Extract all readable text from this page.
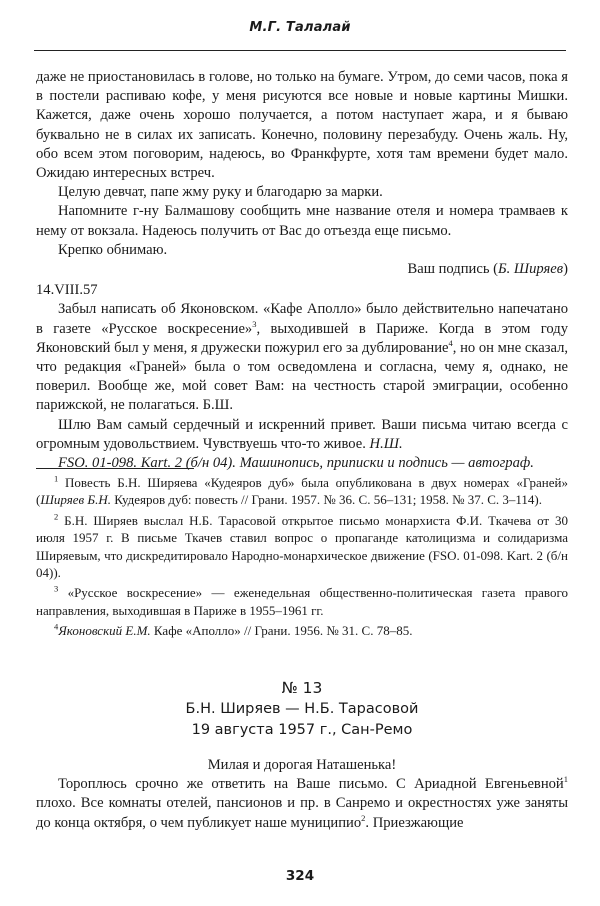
М.Г. Талалай

даже не приостановилась в голове, но только на бумаге. Утром, до семи часов, пока я в постели распиваю кофе, у меня рисуются все новые и новые картины Мишки. Кажется, даже очень хорошо получается, а потом наступает жара, и я бываю буквально не в силах их записать. Конечно, половину перезабуду. Очень жаль. Ну, обо всем этом поговорим, надеюсь, во Франкфурте, хотя там времени будет мало. Ожидаю интересных встреч.

Целую девчат, папе жму руку и благодарю за марки.

Напомните г-ну Балмашову сообщить мне название отеля и номера трамваев к нему от вокзала. Надеюсь получить от Вас до отъезда еще письмо.

Крепко обнимаю.

Ваш подпись (Б. Ширяев)

14.VIII.57

Забыл написать об Яконовском. «Кафе Аполло» было действительно напечатано в газете «Русское воскресение»$^3$, выходившей в Париже. Когда в этом году Яконовский был у меня, я дружески пожурил его за дублирование$^4$, но он мне сказал, что редакция «Граней» была о том осведомлена и согласна, чему я, однако, не поверил. Вообще же, мой совет Вам: на честность старой эмиграции, особенно парижской, не полагаться. Б.Ш.

Шлю Вам самый сердечный и искренний привет. Ваши письма читаю всегда с огромным удовольствием. Чувствуешь что-то живое. Н.Ш.

FSO. 01-098. Kart. 2 (б/н 04). Машинопись, приписки и подпись — автограф.

$^1$ Повесть Б.Н. Ширяева «Кудеяров дуб» была опубликована в двух номерах «Граней» (Ширяев Б.Н. Кудеяров дуб: повесть // Грани. 1957. № 36. С. 56–131; 1958. № 37. С. 3–114).

$^2$ Б.Н. Ширяев выслал Н.Б. Тарасовой открытое письмо монархиста Ф.И. Ткачева от 30 июля 1957 г. В письме Ткачев ставил вопрос о пропаганде католицизма и солидаризма Ширяевым, что дискредитировало Народно-монархическое движение (FSO. 01-098. Kart. 2 (б/н 04)).

$^3$ «Русское воскресение» — еженедельная общественно-политическая газета правого направления, выходившая в Париже в 1955–1961 гг.

$^4$Яконовский Е.М. Кафе «Аполло» // Грани. 1956. № 31. С. 78–85.

№ 13
Б.Н. Ширяев — Н.Б. Тарасовой
19 августа 1957 г., Сан-Ремо

Милая и дорогая Наташенька!

Тороплюсь срочно же ответить на Ваше письмо. С Ариадной Евгеньевной$^1$ плохо. Все комнаты отелей, пансионов и пр. в Санремо и окрестностях уже заняты до конца октября, о чем публикует наше муниципио$^2$. Приезжающие

324
